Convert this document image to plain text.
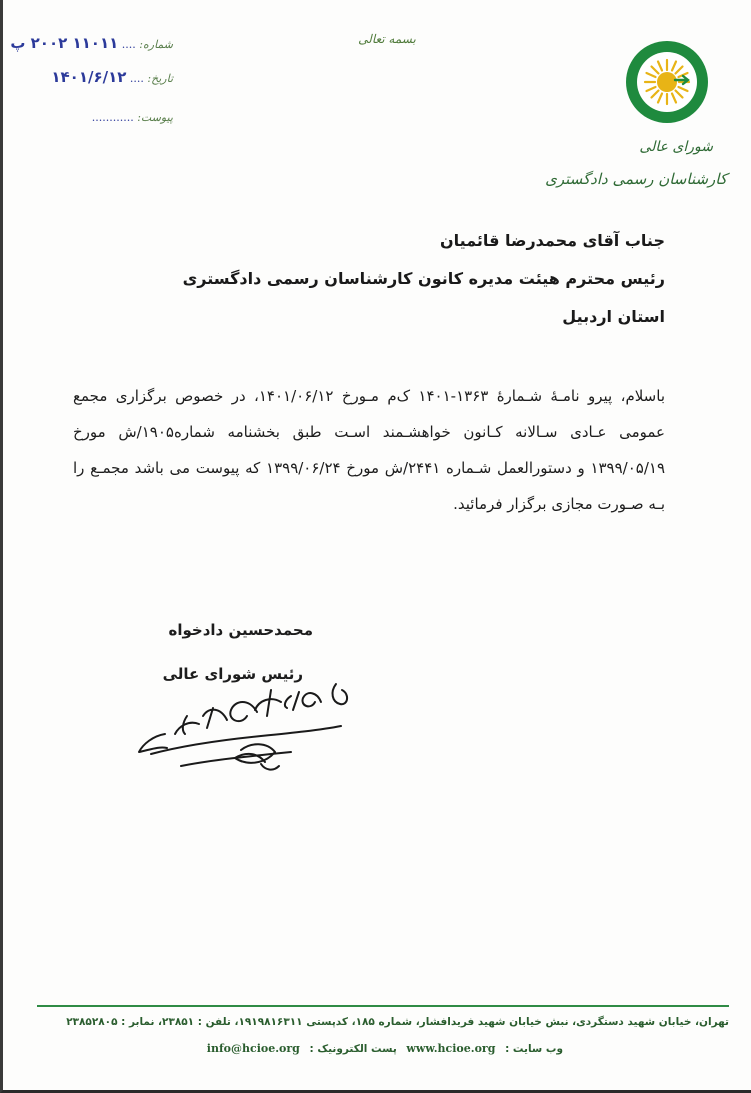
شماره: .... ۱۱۰۱۱ ۲۰۰۲ پ
تاریخ: .... ۱۴۰۱/۶/۱۲
پیوست: ............
بسمه تعالی
شورای عالی
کارشناسان رسمی دادگستری
جناب آقای محمدرضا قائمیان
رئیس محترم هیئت مدیره کانون کارشناسان رسمی دادگستری
استان اردبیل
باسلام، پیرو نامـهٔ شـمارهٔ ۱۳۶۳-۱۴۰۱ ک‌م مـورخ ۱۴۰۱/۰۶/۱۲، در خصوص برگزاری مجمع عمومی عـادی سـالانه کـانون خواهشـمند اسـت طبق بخشنامه شماره۱۹۰۵/ش مورخ ۱۳۹۹/۰۵/۱۹ و دستورالعمل شـماره ۲۴۴۱/ش مورخ ۱۳۹۹/۰۶/۲۴ که پیوست می باشد مجمـع را بـه صـورت مجازی برگزار فرمائید.
محمدحسین دادخواه
رئیس شورای عالی
تهران، خیابان شهید دستگردی، نبش خیابان شهید فریدافشار، شماره ۱۸۵، کدپستی ۱۹۱۹۸۱۶۳۱۱، تلفن : ۲۳۸۵۱، نمابر : ۲۳۸۵۲۸۰۵
وب سایت : www.hcioe.org پست الکترونیک : info@hcioe.org
